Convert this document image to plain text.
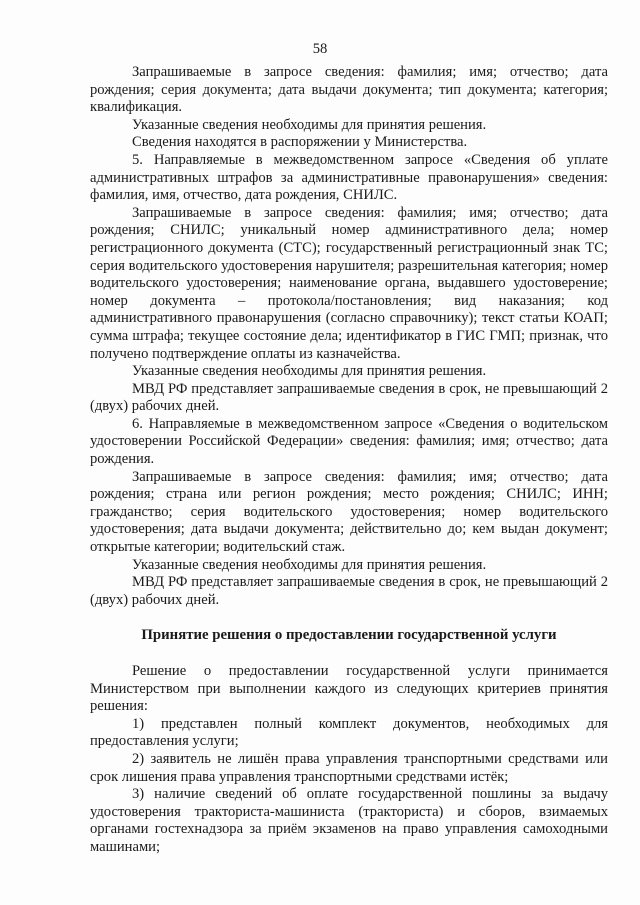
58

Запрашиваемые в запросе сведения: фамилия; имя; отчество; дата рождения; серия документа; дата выдачи документа; тип документа; категория; квалификация.

Указанные сведения необходимы для принятия решения.

Сведения находятся в распоряжении у Министерства.

5. Направляемые в межведомственном запросе «Сведения об уплате административных штрафов за административные правонарушения» сведения: фамилия, имя, отчество, дата рождения, СНИЛС.

Запрашиваемые в запросе сведения: фамилия; имя; отчество; дата рождения; СНИЛС; уникальный номер административного дела; номер регистрационного документа (СТС); государственный регистрационный знак ТС; серия водительского удостоверения нарушителя; разрешительная категория; номер водительского удостоверения; наименование органа, выдавшего удостоверение; номер документа – протокола/постановления; вид наказания; код административного правонарушения (согласно справочнику); текст статьи КОАП; сумма штрафа; текущее состояние дела; идентификатор в ГИС ГМП; признак, что получено подтверждение оплаты из казначейства.

Указанные сведения необходимы для принятия решения.

МВД РФ представляет запрашиваемые сведения в срок, не превышающий 2 (двух) рабочих дней.

6. Направляемые в межведомственном запросе «Сведения о водительском удостоверении Российской Федерации» сведения: фамилия; имя; отчество; дата рождения.

Запрашиваемые в запросе сведения: фамилия; имя; отчество; дата рождения; страна или регион рождения; место рождения; СНИЛС; ИНН; гражданство; серия водительского удостоверения; номер водительского удостоверения; дата выдачи документа; действительно до; кем выдан документ; открытые категории; водительский стаж.

Указанные сведения необходимы для принятия решения.

МВД РФ представляет запрашиваемые сведения в срок, не превышающий 2 (двух) рабочих дней.

Принятие решения о предоставлении государственной услуги

Решение о предоставлении государственной услуги принимается Министерством при выполнении каждого из следующих критериев принятия решения:

1) представлен полный комплект документов, необходимых для предоставления услуги;

2) заявитель не лишён права управления транспортными средствами или срок лишения права управления транспортными средствами истёк;

3) наличие сведений об оплате государственной пошлины за выдачу удостоверения тракториста-машиниста (тракториста) и сборов, взимаемых органами гостехнадзора за приём экзаменов на право управления самоходными машинами;
